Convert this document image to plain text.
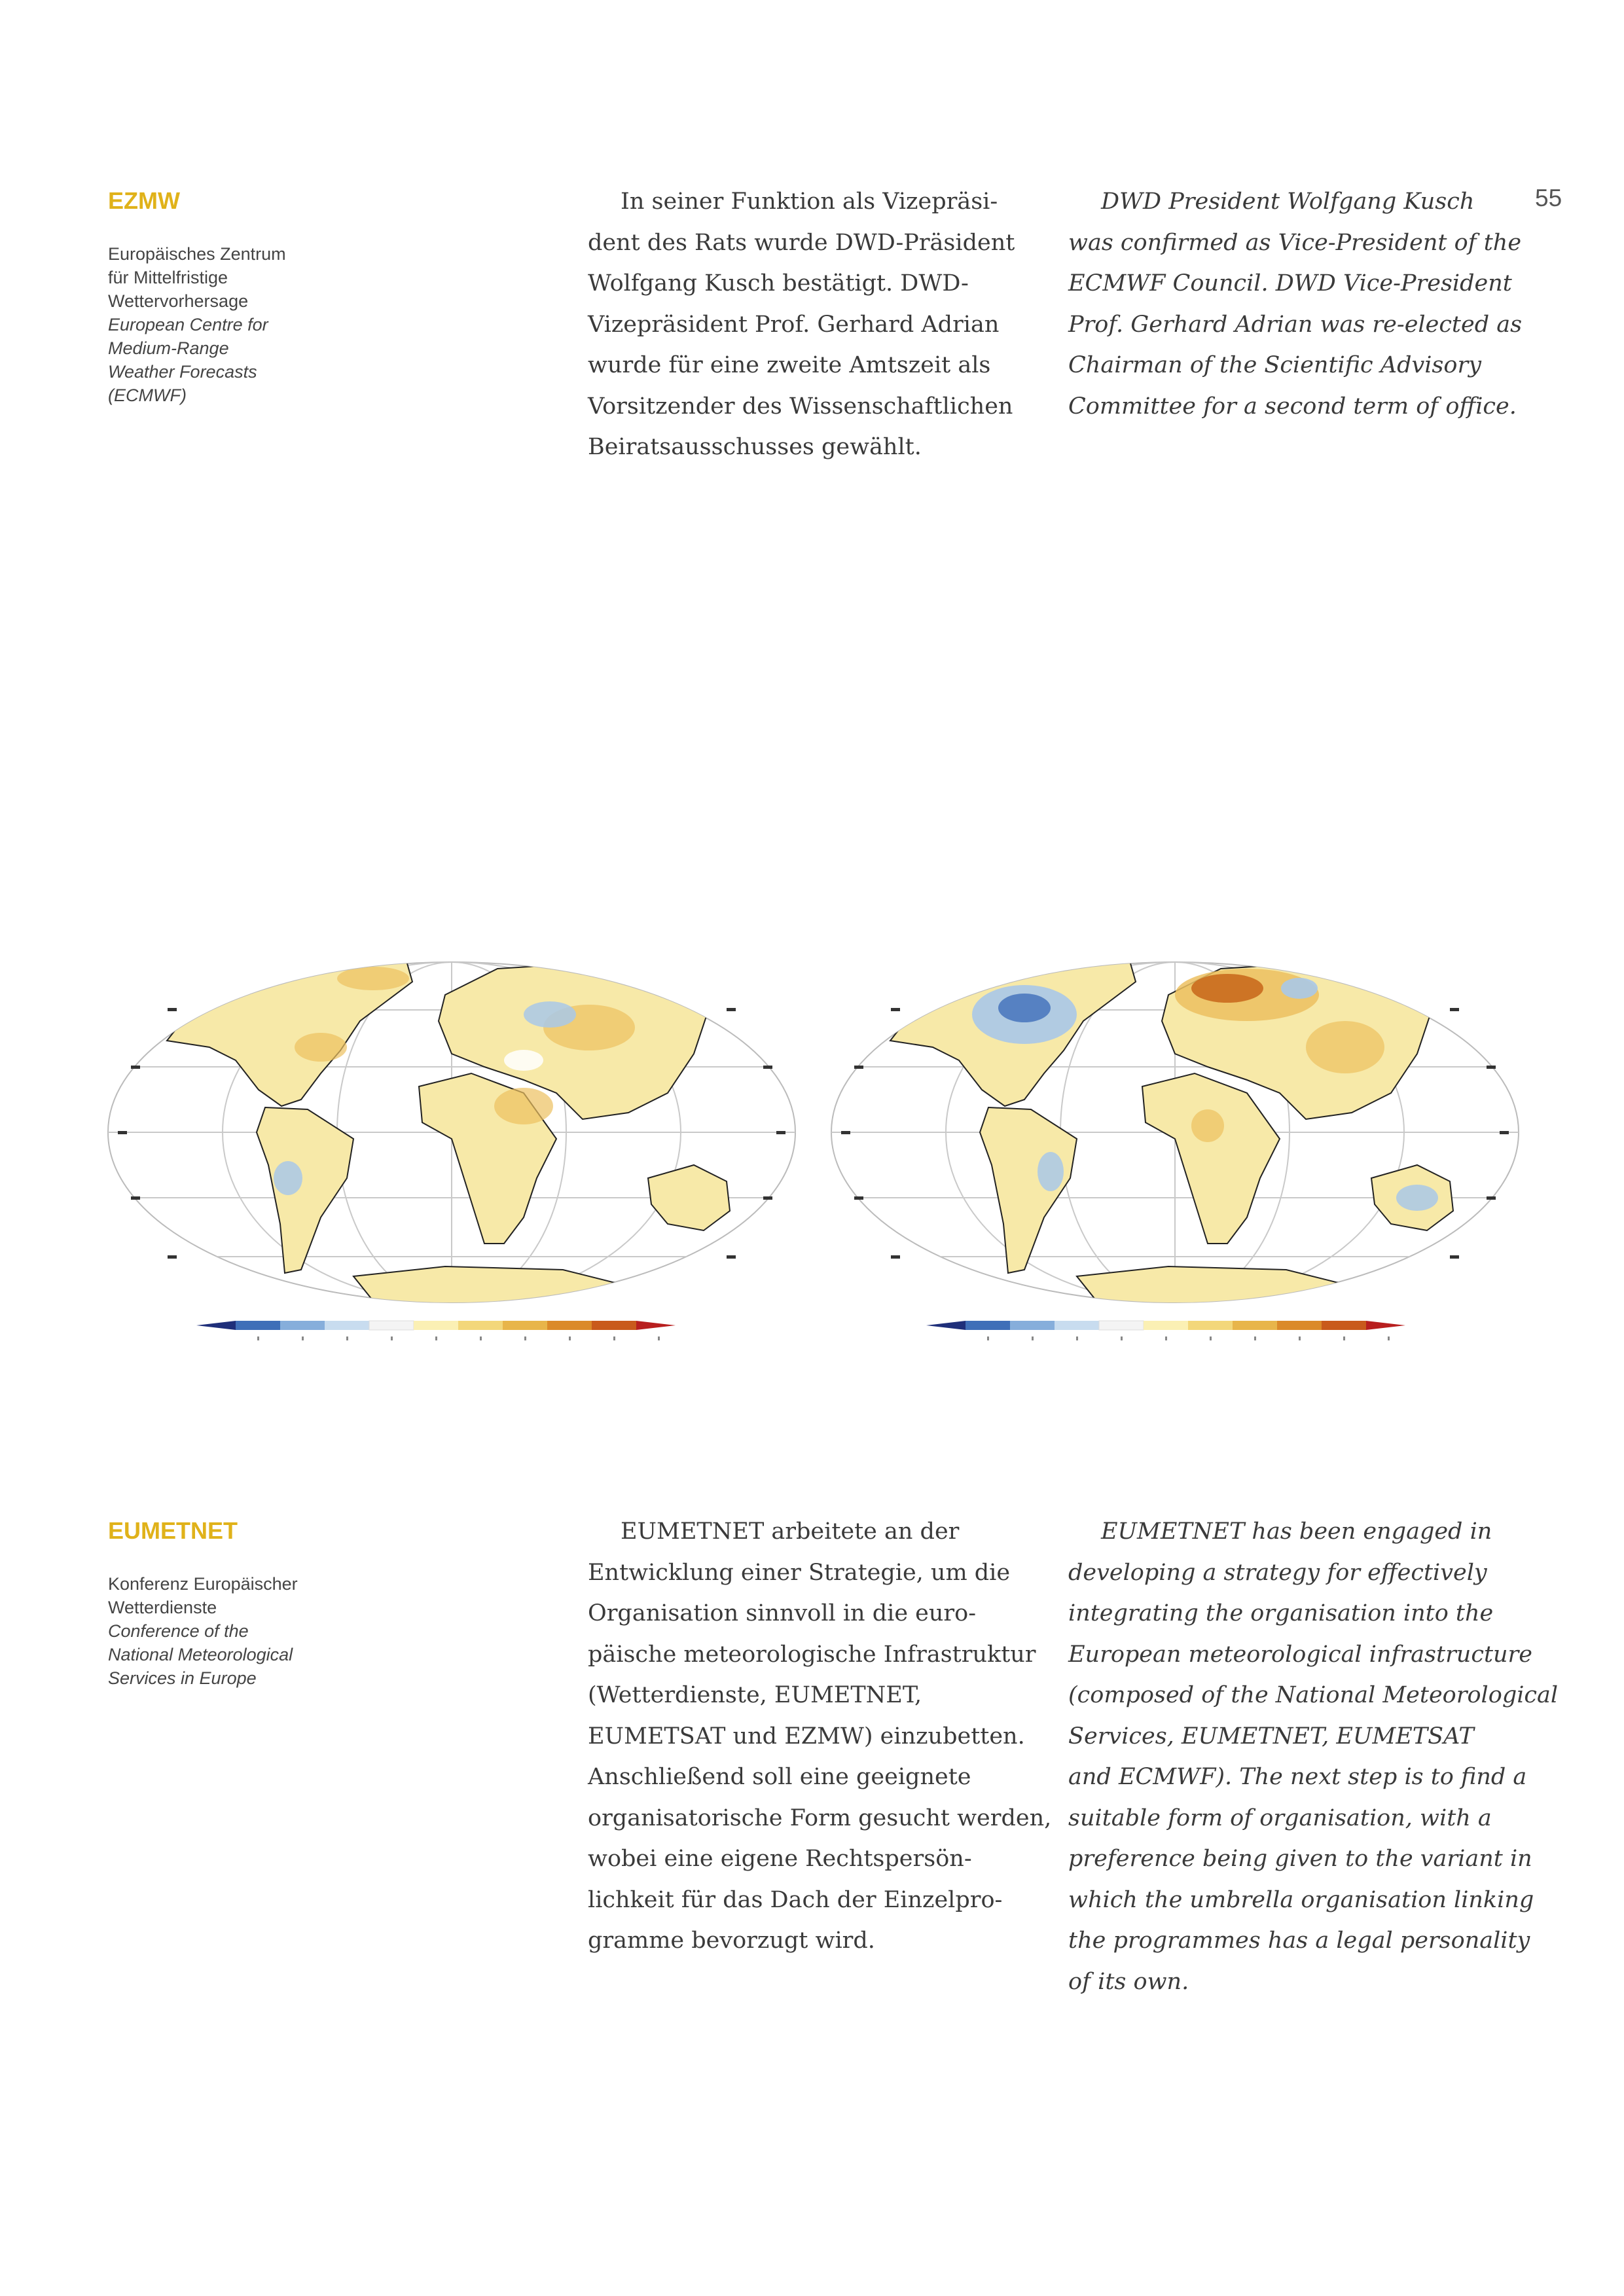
55
EZMW
Europäisches Zentrum
für Mittelfristige
Wettervorhersage
European Centre for
Medium-Range
Weather Forecasts
(ECMWF)
In seiner Funktion als Vizepräsi-
dent des Rats wurde DWD-Präsident
Wolfgang Kusch bestätigt. DWD-
Vizepräsident Prof. Gerhard Adrian
wurde für eine zweite Amtszeit als
Vorsitzender des Wissenschaftlichen
Beiratsausschusses gewählt.
DWD President Wolfgang Kusch
was confirmed as Vice-President of the
ECMWF Council. DWD Vice-President
Prof. Gerhard Adrian was re-elected as
Chairman of the Scientific Advisory
Committee for a second term of office.
EUMETNET
Konferenz Europäischer
Wetterdienste
Conference of the
National Meteorological
Services in Europe
EUMETNET arbeitete an der
Entwicklung einer Strategie, um die
Organisation sinnvoll in die euro-
päische meteorologische Infrastruktur
(Wetterdienste, EUMETNET,
EUMETSAT und EZMW) einzubetten.
Anschließend soll eine geeignete
organisatorische Form gesucht werden,
wobei eine eigene Rechtspersön-
lichkeit für das Dach der Einzelpro-
gramme bevorzugt wird.
EUMETNET has been engaged in
developing a strategy for effectively
integrating the organisation into the
European meteorological infrastructure
(composed of the National Meteorological
Services, EUMETNET, EUMETSAT
and ECMWF). The next step is to find a
suitable form of organisation, with a
preference being given to the variant in
which the umbrella organisation linking
the programmes has a legal personality
of its own.
